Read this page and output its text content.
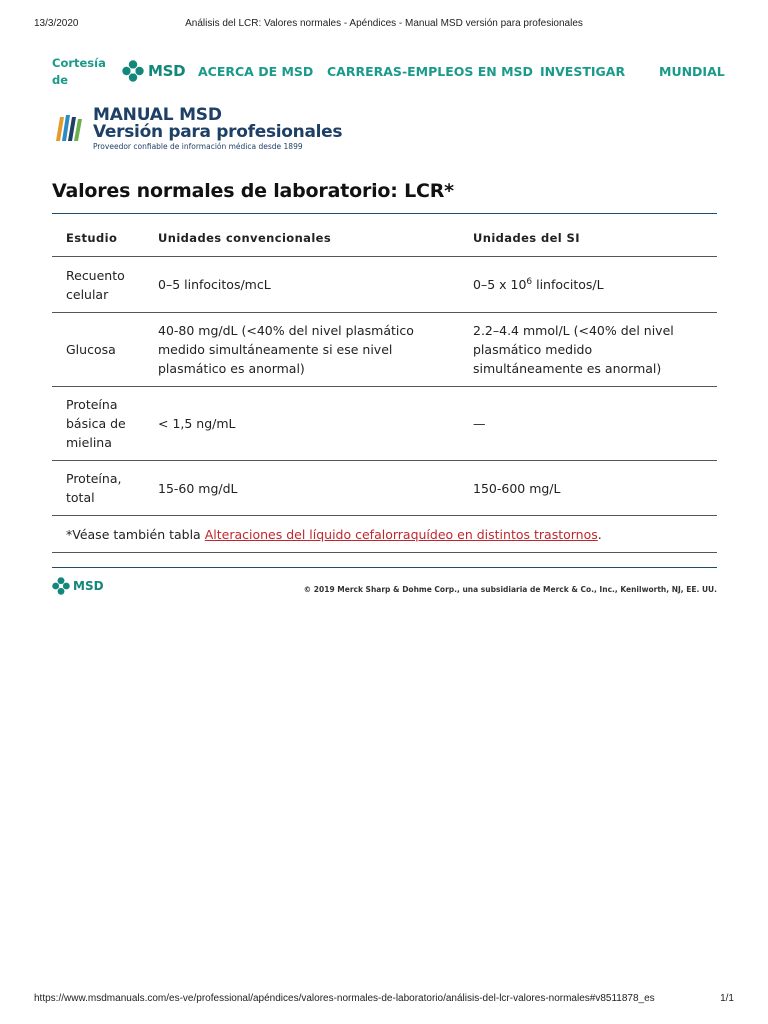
13/3/2020	Análisis del LCR: Valores normales - Apéndices - Manual MSD versión para profesionales
Cortesía de	MSD ACERCA DE MSD CARRERAS-EMPLEOS EN MSD INVESTIGAR	MUNDIAL
MANUAL MSD
Versión para profesionales
Proveedor confiable de información médica desde 1899
Valores normales de laboratorio: LCR*
Estudio	Unidades convencionales	Unidades del SI
Recuento celular	0–5 linfocitos/mcL	0–5 x $10^6$ linfocitos/L
Glucosa	40-80 mg/dL (<40% del nivel plasmático medido simultáneamente si ese nivel plasmático es anormal)	2.2–4.4 mmol/L (<40% del nivel plasmático medido simultáneamente es anormal)
Proteína básica de mielina	< 1,5 ng/mL	—
Proteína, total	15-60 mg/dL	150-600 mg/L
*Véase también tabla Alteraciones del líquido cefalorraquídeo en distintos trastornos.		
MSD	© 2019 Merck Sharp & Dohme Corp., una subsidiaria de Merck & Co., Inc., Kenilworth, NJ, EE. UU.
https://www.msdmanuals.com/es-ve/professional/apéndices/valores-normales-de-laboratorio/análisis-del-lcr-valores-normales#v8511878_es	1/1
